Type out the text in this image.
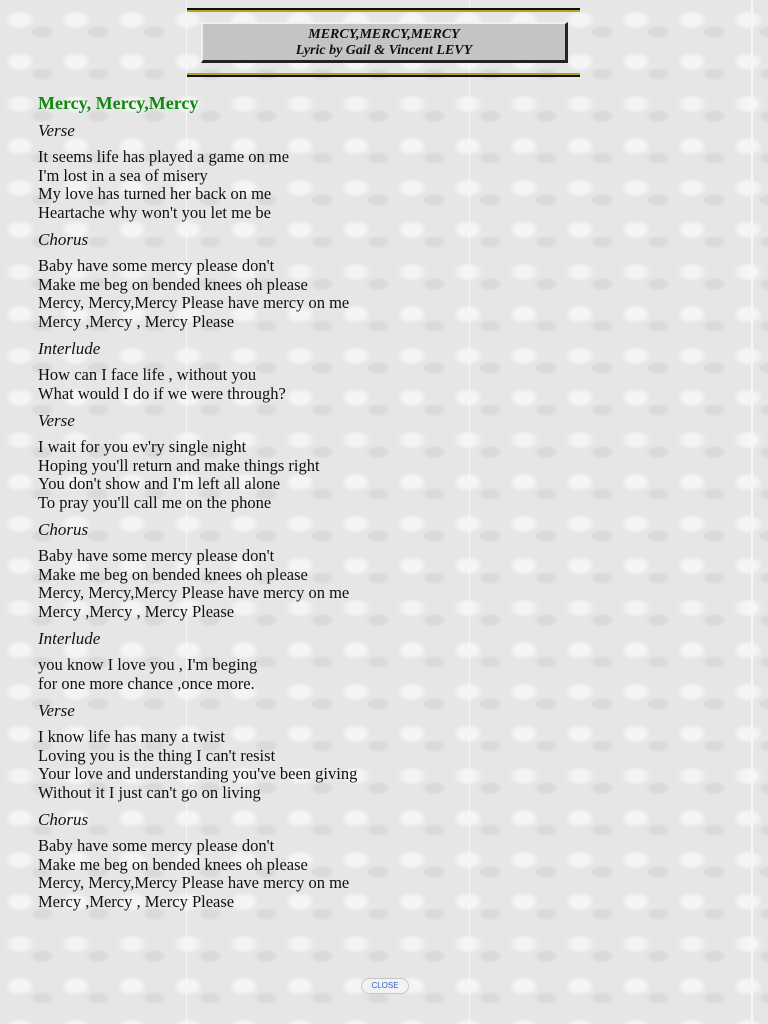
MERCY,MERCY,MERCY
Lyric by Gail & Vincent LEVY
Mercy, Mercy,Mercy
Verse
It seems life has played a game on me
I'm lost in a sea of misery
My love has turned her back on me
Heartache why won't you let me be
Chorus
Baby have some mercy please don't
Make me beg on bended knees oh please
Mercy, Mercy,Mercy Please have mercy on me
Mercy ,Mercy , Mercy Please
Interlude
How can I face life , without you
What would I do if we were through?
Verse
I wait for you ev'ry single night
Hoping you'll return and make things right
You don't show and I'm left all alone
To pray you'll call me on the phone
Chorus
Baby have some mercy please don't
Make me beg on bended knees oh please
Mercy, Mercy,Mercy Please have mercy on me
Mercy ,Mercy , Mercy Please
Interlude
you know I love you , I'm beging
for one more chance ,once more.
Verse
I know life has many a twist
Loving you is the thing I can't resist
Your love and understanding you've been giving
Without it I just can't go on living
Chorus
Baby have some mercy please don't
Make me beg on bended knees oh please
Mercy, Mercy,Mercy Please have mercy on me
Mercy ,Mercy , Mercy Please
CLOSE
